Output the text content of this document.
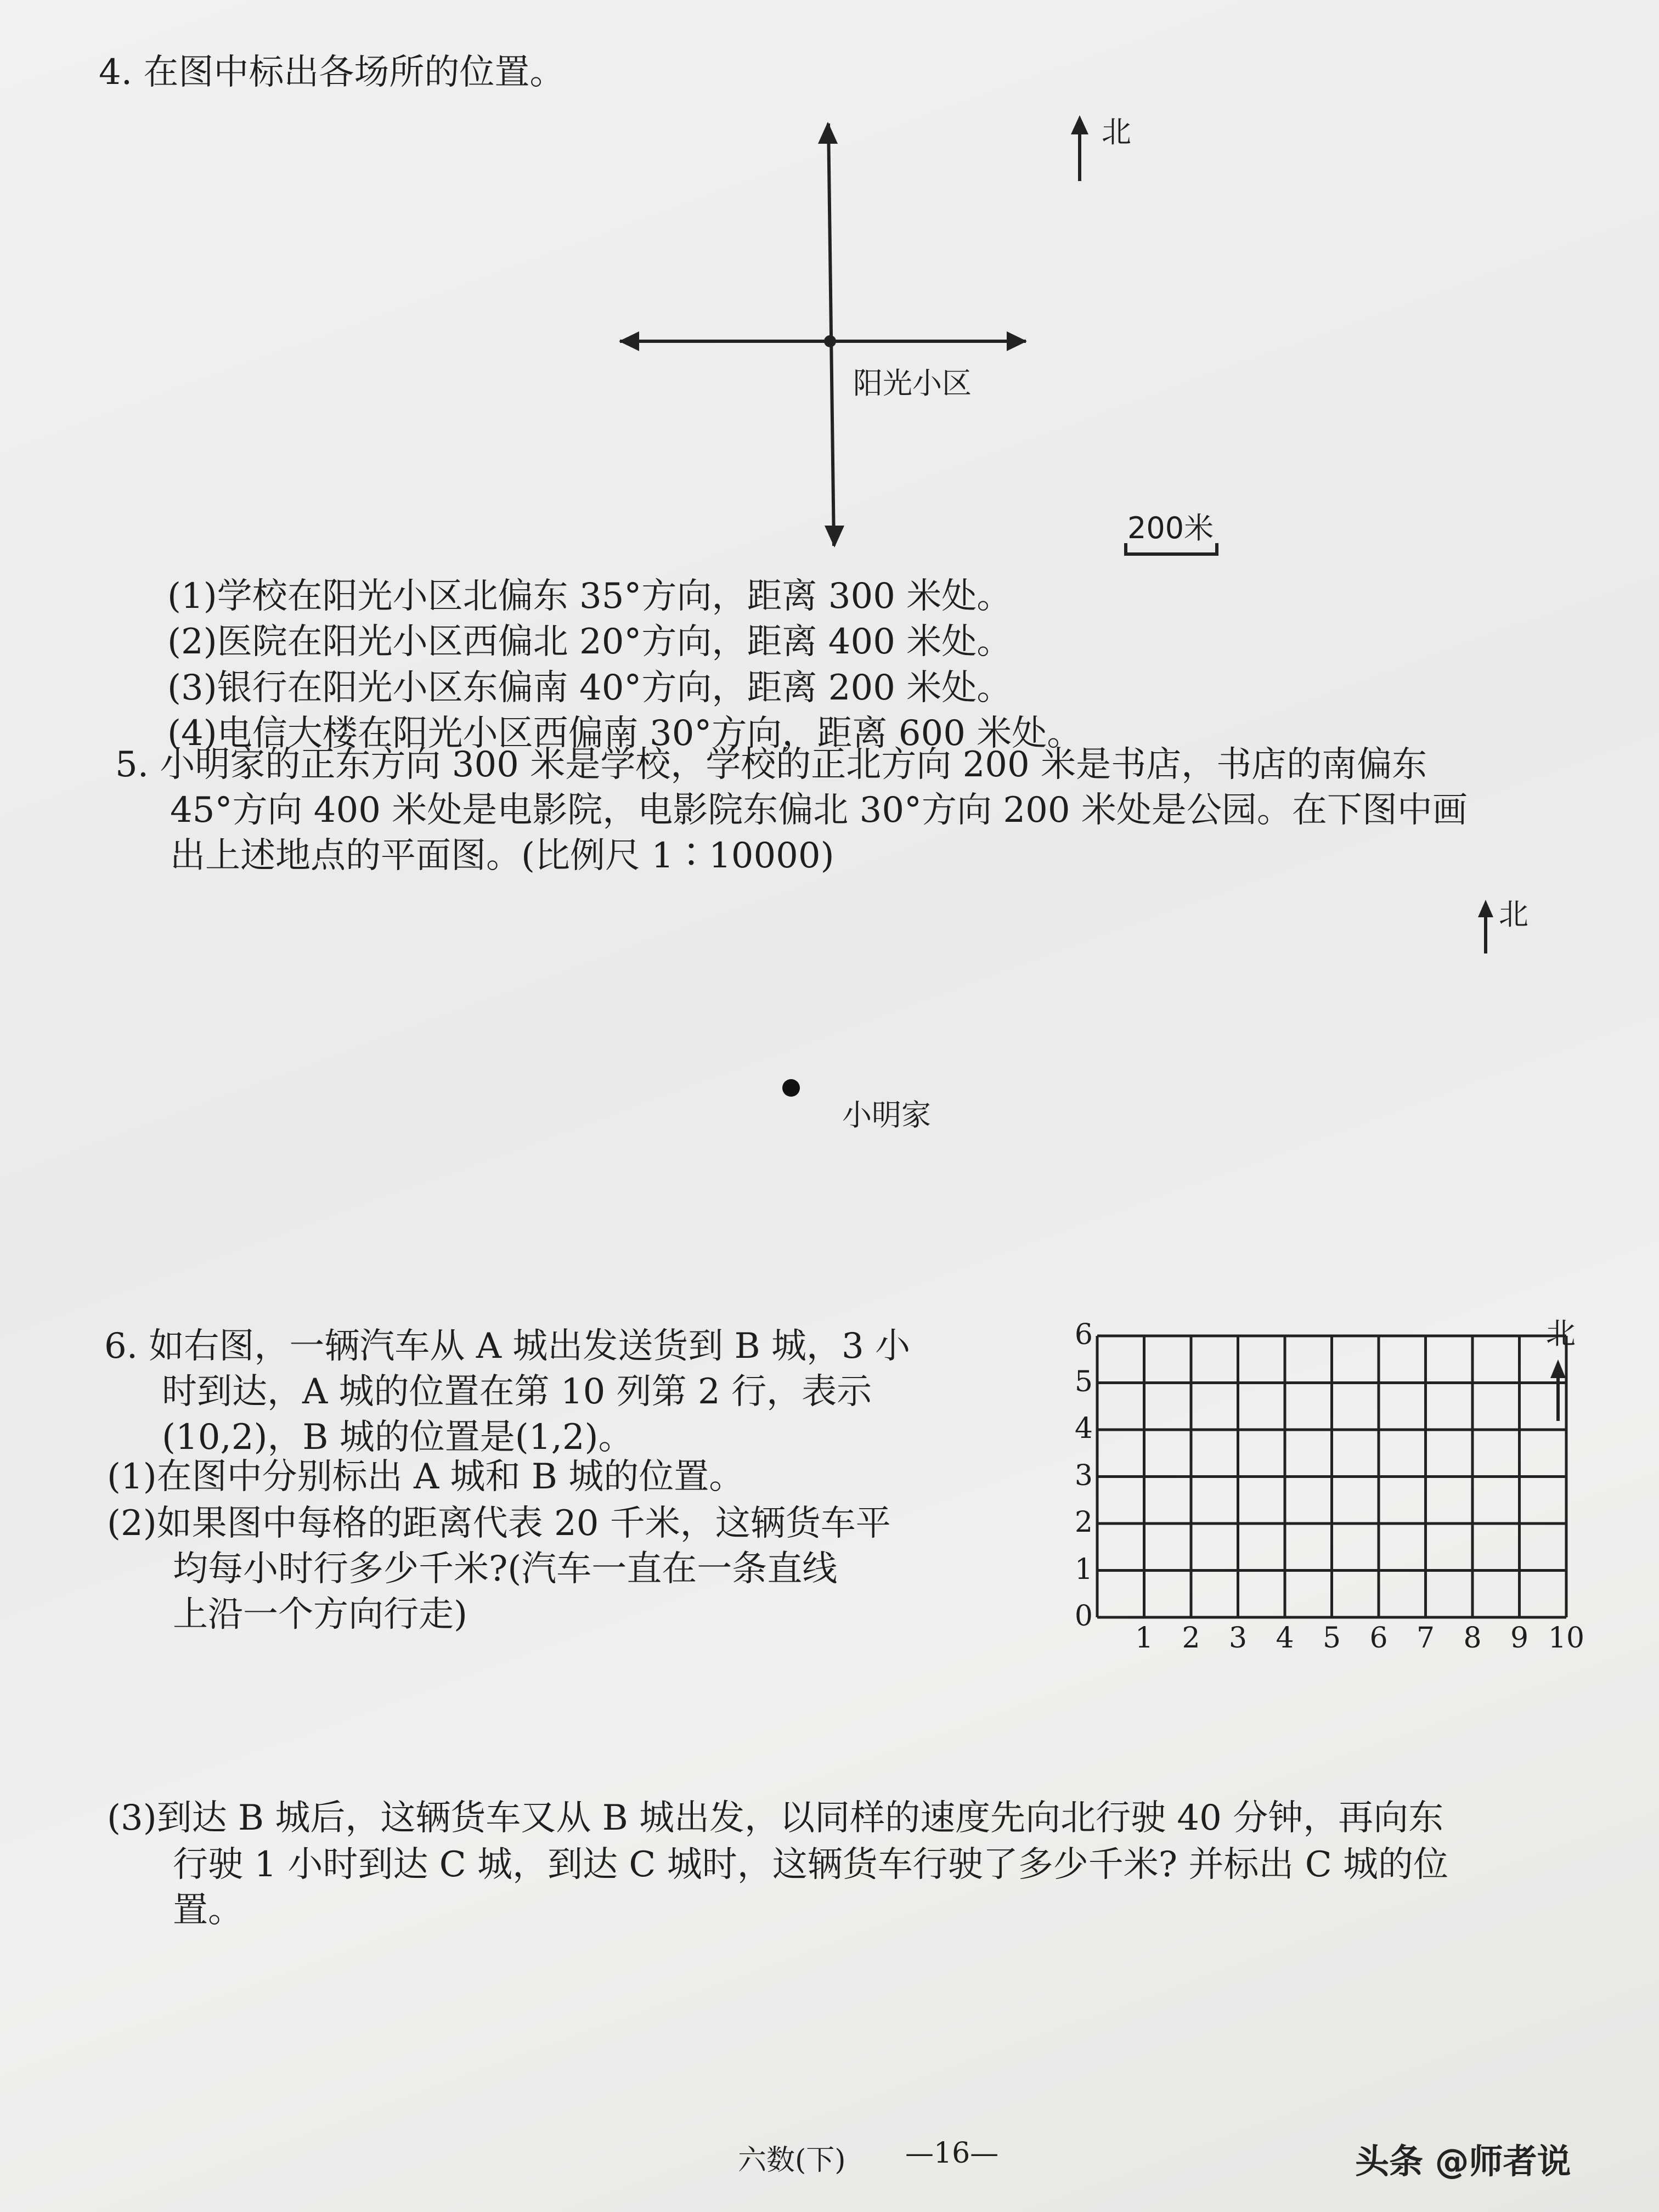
4. 在图中标出各场所的位置。
北
阳光小区
200米
(1)学校在阳光小区北偏东 35°方向，距离 300 米处。
(2)医院在阳光小区西偏北 20°方向，距离 400 米处。
(3)银行在阳光小区东偏南 40°方向，距离 200 米处。
(4)电信大楼在阳光小区西偏南 30°方向，距离 600 米处。
5. 小明家的正东方向 300 米是学校，学校的正北方向 200 米是书店，书店的南偏东
45°方向 400 米处是电影院，电影院东偏北 30°方向 200 米处是公园。在下图中画
出上述地点的平面图。(比例尺 1∶10000)
北
小明家
6. 如右图，一辆汽车从 A 城出发送货到 B 城，3 小
时到达，A 城的位置在第 10 列第 2 行，表示
(10,2)，B 城的位置是(1,2)。
(1)在图中分别标出 A 城和 B 城的位置。
(2)如果图中每格的距离代表 20 千米，这辆货车平
均每小时行多少千米?(汽车一直在一条直线
上沿一个方向行走)
北
1	2	3	4	5	6	7	8	9 10
0
1
2
3
4
5
6
(3)到达 B 城后，这辆货车又从 B 城出发，以同样的速度先向北行驶 40 分钟，再向东
行驶 1 小时到达 C 城，到达 C 城时，这辆货车行驶了多少千米? 并标出 C 城的位
置。
六数(下) —16—	头条 @师者说
